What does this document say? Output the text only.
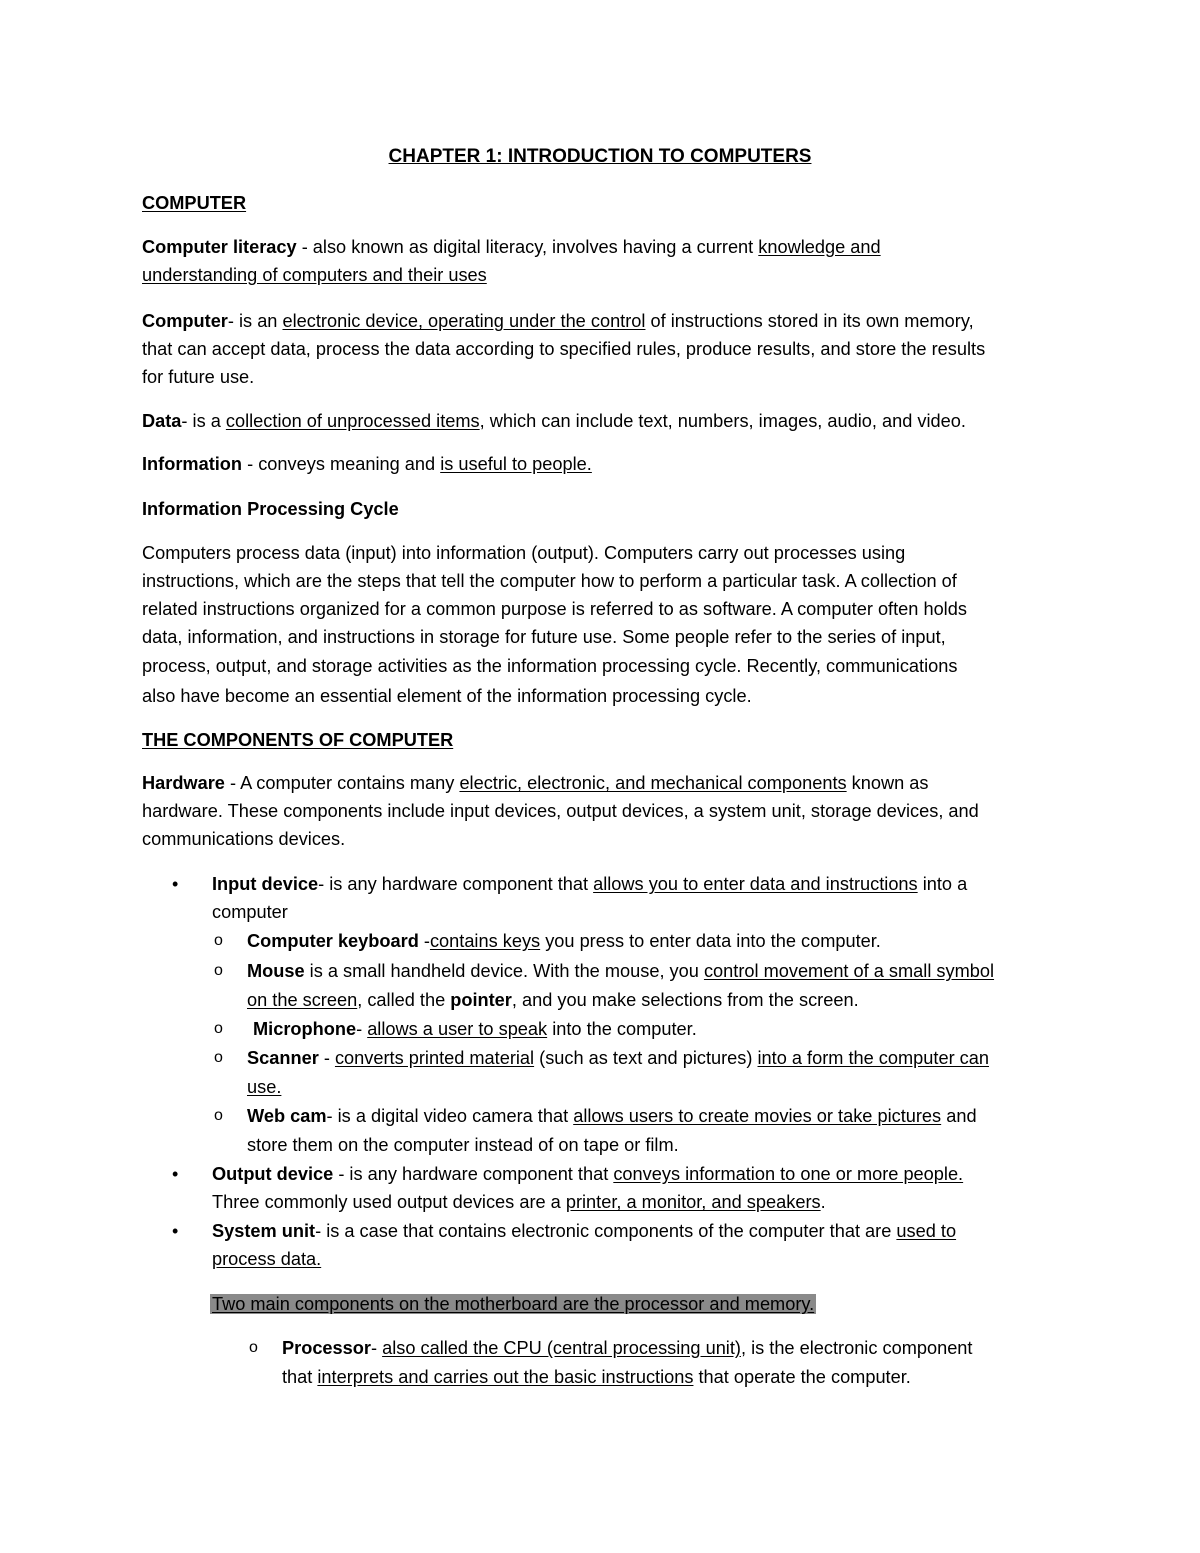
CHAPTER 1: INTRODUCTION TO COMPUTERS

COMPUTER

Computer literacy - also known as digital literacy, involves having a current knowledge and

understanding of computers and their uses

Computer- is an electronic device, operating under the control of instructions stored in its own memory,

that can accept data, process the data according to specified rules, produce results, and store the results

for future use.

Data- is a collection of unprocessed items, which can include text, numbers, images, audio, and video.

Information - conveys meaning and is useful to people.

Information Processing Cycle

Computers process data (input) into information (output). Computers carry out processes using

instructions, which are the steps that tell the computer how to perform a particular task. A collection of

related instructions organized for a common purpose is referred to as software. A computer often holds

data, information, and instructions in storage for future use. Some people refer to the series of input,

process, output, and storage activities as the information processing cycle. Recently, communications

also have become an essential element of the information processing cycle.

THE COMPONENTS OF COMPUTER

Hardware - A computer contains many electric, electronic, and mechanical components known as

hardware. These components include input devices, output devices, a system unit, storage devices, and

communications devices.

•	Input device- is any hardware component that allows you to enter data and instructions into a

computer

o Computer keyboard -contains keys you press to enter data into the computer.

o Mouse is a small handheld device. With the mouse, you control movement of a small symbol

on the screen, called the pointer, and you make selections from the screen.

o Microphone- allows a user to speak into the computer.

o Scanner - converts printed material (such as text and pictures) into a form the computer can

use.

o Web cam- is a digital video camera that allows users to create movies or take pictures and

store them on the computer instead of on tape or film.

•	Output device - is any hardware component that conveys information to one or more people.

Three commonly used output devices are a printer, a monitor, and speakers.

•	System unit- is a case that contains electronic components of the computer that are used to

process data.

Two main components on the motherboard are the processor and memory.

o Processor- also called the CPU (central processing unit), is the electronic component

that interprets and carries out the basic instructions that operate the computer.
